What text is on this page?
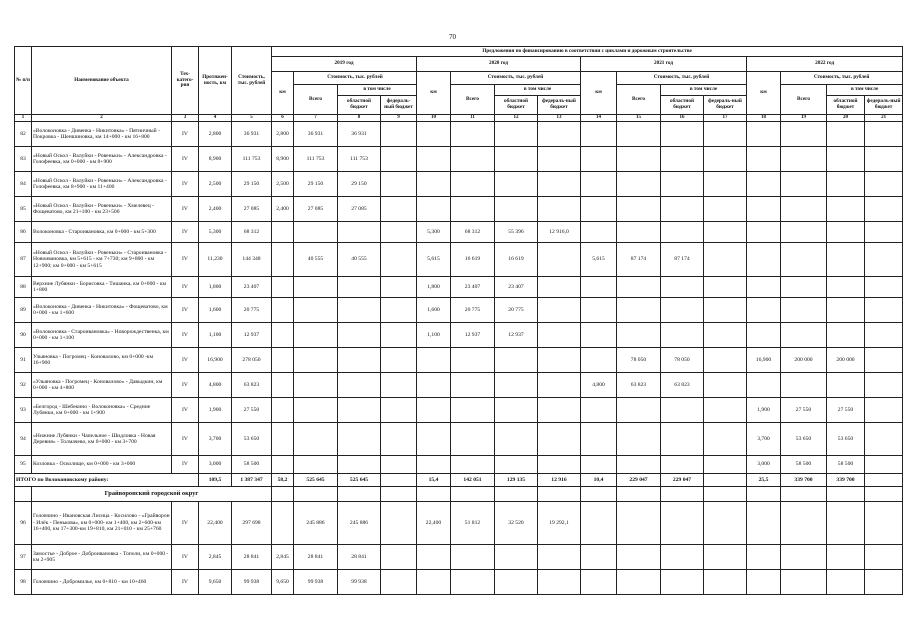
70
№ п/п	Наименование объекта	Тех-катего-рия	Протяжен-ность, км	Стоимость, тыс. рублей	Предложения по финансированию в соответствии с циклами и дорожным строительстве															
					2019 год				2020 год				2021 год				2022 год			
					км	Стоимость, тыс. рублей			км	Стоимость, тыс. рублей			км	Стоимость, тыс. рублей			км	Стоимость, тыс. рублей		
						Всего	в том числе			Всего	в том числе			Всего	в том числе			Всего	в том числе	
							областной бюджет	федераль-ный бюджет			областной бюджет	федераль-ный бюджет			областной бюджет	федераль-ный бюджет			областной бюджет	федераль-ный бюджет
1	2	3	4	5	6	7	8	9	10	11	12	13	14	15	16	17	18	19	20	21
82	«Волоконовка - Дивенка - Никитовка» - Пятничный - Покровка - Шеншиновка, км 14+000 - км 16+800	IV	2,800	36 931	2,800	36 931	36 931													
83	«Новый Оскол - Валуйки - Ровеньки» - Александровка - Голофеевка, км 0+000 - км 8+900	IV	8,900	111 753	8,900	111 753	111 753													
84	«Новый Оскол - Валуйки - Ровеньки» - Александровка - Голофеевка, км 8+900 - км 11+400	IV	2,500	29 150	2,500	29 150	29 150													
85	«Новый Оскол - Валуйки - Ровеньки» - Хмелевец - Фощеватово, км 21+100 - км 23+500	IV	2,400	27 085	2,400	27 085	27 085													
86	Волоконовка - Староивановка, км 0+000 - км 5+300	IV	5,300	68 312					5,300	68 312	55 396	12 916,0								
87	«Новый Оскол - Валуйки - Ровеньки» - Староивановка - Новоивановка, км 5+615 - км 7+730; км 9+800 - км 12+900; км 0+000 - км 5+615	IV	11,230	144 348		40 555	40 555		5,615	16 619	16 619		5,615	87 174	87 174					
88	Верхние Лубянки - Борисовка - Тишанка, км 0+000 - км 1+800	IV	1,800	23 407					1,800	23 407	23 407									
89	«Волоконовка - Дивенка - Никитовка» - Фощеватово, км 0+000 - км 1+600	IV	1,600	20 775					1,600	20 775	20 775									
90	«Волоконовка - Староивановка» - Новорождественка, км 0+000 - км 1+100	IV	1,100	12 937					1,100	12 937	12 937									
91	Ульяновка - Погромец - Коновалово, км 0+000 -км 16+900	IV	16,900	278 050										78 050	78 050		16,900	200 000	200 000	
92	«Ульяновка - Погромец - Коновалово» - Давыдкин, км 0+000 - км 4+800	IV	4,800	63 823									4,800	63 823	63 823					
93	«Белгород - Шебекино - Волоконовка» - Средние Лубянки, км 0+000 - км 1+900	IV	1,900	27 550													1,900	27 550	27 550	
94	«Нижние Лубянки - Чапельное - Шидловка - Новая Деревня» - Толмачево, км 0+000 - км 3+700	IV	3,700	53 650													3,700	53 650	53 650	
95	Козловка - Осколище, км 0+000 - км 3+000	IV	3,000	58 500													3,000	58 500	58 500	
ИТОГО по Волоконовскому району:			109,5	1 387 347	58,2	525 645	525 645		15,4	142 051	129 135	12 916	10,4	229 047	229 047		25,5	339 700	339 700	
	Грайворонский городской округ																			
96	Головчино - Ивановская Лисица - Косилово - «Грайворон - Илёк - Пенькова», км 0+000- км 1+400, км 2+600-км 16+400, км 17+300-км 19+810, км 21+010 - км 25+760	IV	22,400	297 698		245 886	245 886		22,400	51 812	32 520	19 292,1								
97	Замостье - Доброе - Доброивановка - Тополи, км 0+000 - км 2+905	IV	2,845	28 841	2,845	28 841	28 841													
98	Головчино - Добромилье, км 0+810 - км 10+460	IV	9,650	99 938	9,650	99 938	99 938													
